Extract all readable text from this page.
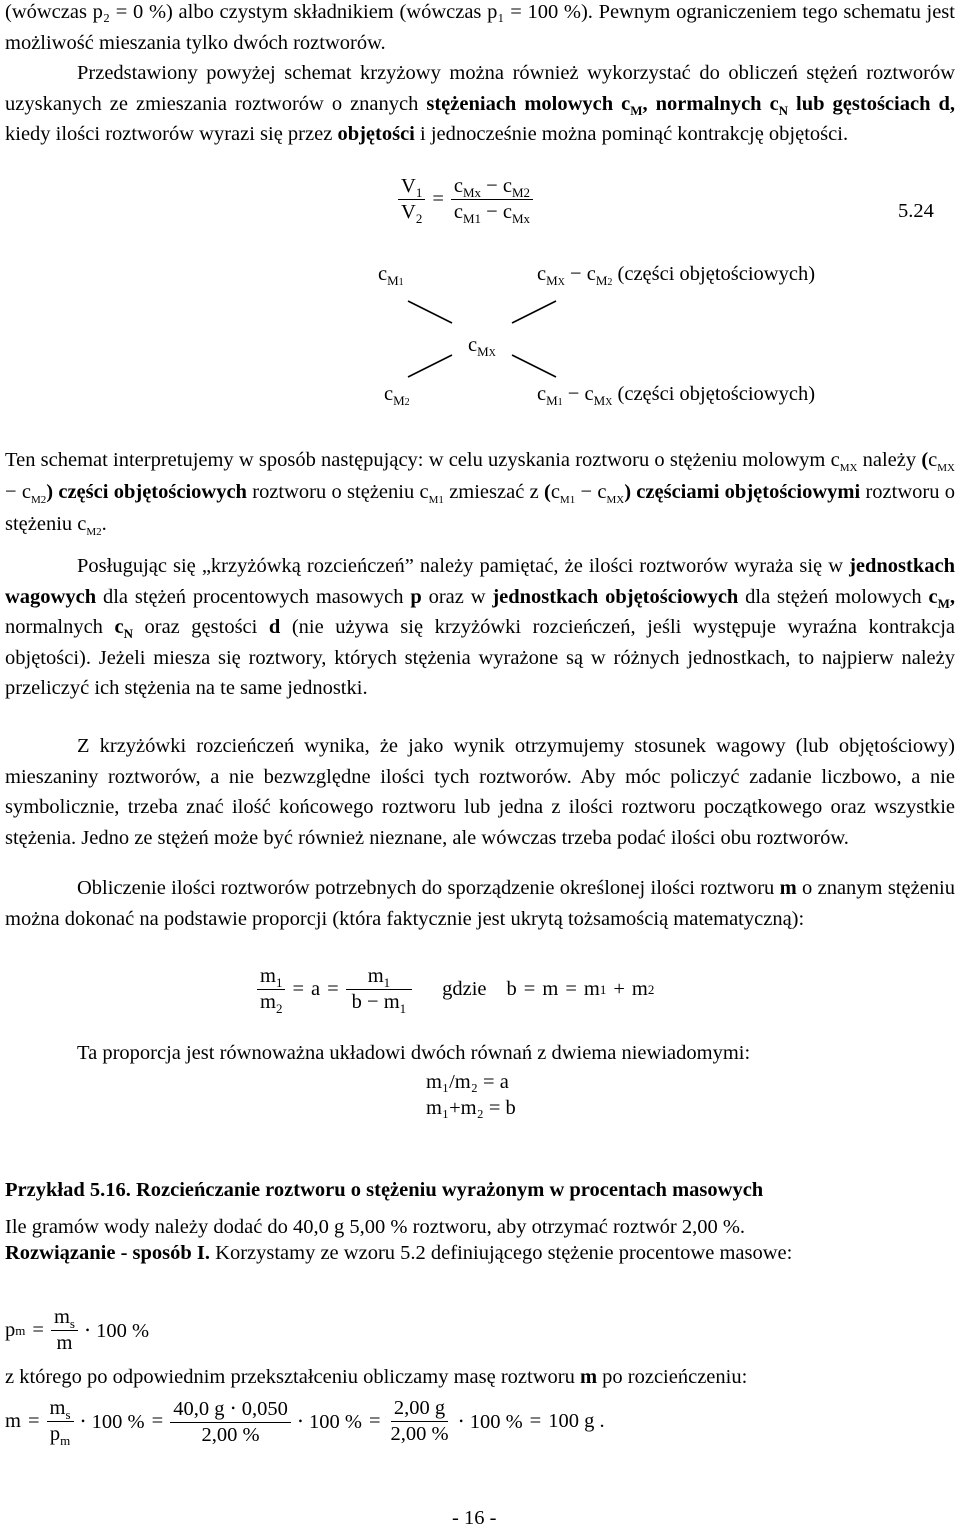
(wówczas p₂ = 0 %) albo czystym składnikiem (wówczas p₁ = 100 %). Pewnym ograniczeniem tego schematu jest możliwość mieszania tylko dwóch roztworów.
Przedstawiony powyżej schemat krzyżowy można również wykorzystać do obliczeń stężeń roztworów uzyskanych ze zmieszania roztworów o znanych stężeniach molowych $c_M$, normalnych $c_N$ lub gęstościach d, kiedy ilości roztworów wyrazi się przez objętości i jednocześnie można pominąć kontrakcję objętości.
$\frac{V_1}{V_2} = \frac{c_{Mx} - c_{M2}}{c_{M1} - c_{Mx}}$	5.24
$c_{M1}$	$c_{MX} - c_{M2}$ (części objętościowych)
$c_{MX}$
$c_{M2}$	$c_{M1} - c_{MX}$ (części objętościowych)
Ten schemat interpretujemy w sposób następujący: w celu uzyskania roztworu o stężeniu molowym $c_{MX}$ należy $(c_{MX} - c_{M2})$ części objętościowych roztworu o stężeniu $c_{M1}$ zmieszać z $(c_{M1} - c_{MX})$ częściami objętościowymi roztworu o stężeniu $c_{M2}$.
Posługując się „krzyżówką rozcieńczeń” należy pamiętać, że ilości roztworów wyraża się w jednostkach wagowych dla stężeń procentowych masowych p oraz w jednostkach objętościowych dla stężeń molowych $c_M$, normalnych $c_N$ oraz gęstości d (nie używa się krzyżówki rozcieńczeń, jeśli występuje wyraźna kontrakcja objętości). Jeżeli miesza się roztwory, których stężenia wyrażone są w różnych jednostkach, to najpierw należy przeliczyć ich stężenia na te same jednostki.
Z krzyżówki rozcieńczeń wynika, że jako wynik otrzymujemy stosunek wagowy (lub objętościowy) mieszaniny roztworów, a nie bezwzględne ilości tych roztworów. Aby móc policzyć zadanie liczbowo, a nie symbolicznie, trzeba znać ilość końcowego roztworu lub jedna z ilości roztworu początkowego oraz wszystkie stężenia. Jedno ze stężeń może być również nieznane, ale wówczas trzeba podać ilości obu roztworów.
Obliczenie ilości roztworów potrzebnych do sporządzenie określonej ilości roztworu m o znanym stężeniu można dokonać na podstawie proporcji (która faktycznie jest ukrytą tożsamością matematyczną):
$\frac{m_1}{m_2} = a = \frac{m_1}{b - m_1}$ gdzie b = m = m 1 + m 2
Ta proporcja jest równoważna układowi dwóch równań z dwiema niewiadomymi:
m₁/m₂ = a
m₁+m₂ = b
Przykład 5.16. Rozcieńczanie roztworu o stężeniu wyrażonym w procentach masowych
Ile gramów wody należy dodać do 40,0 g 5,00 % roztworu, aby otrzymać roztwór 2,00 %.
Rozwiązanie - sposób I. Korzystamy ze wzoru 5.2 definiującego stężenie procentowe masowe:
p $m = \frac{m_s}{m} \cdot 100$ %
z którego po odpowiednim przekształceniu obliczamy masę roztworu m po rozcieńczeniu:
$m = \frac{m_s}{p_m} \cdot 100$ % = $\frac{40,0 g \cdot 0,050}{2,00 \%} \cdot 100$ % = $\frac{2,00 g}{2,00 \%} \cdot 100$ % = 100 g .
- 16 -
